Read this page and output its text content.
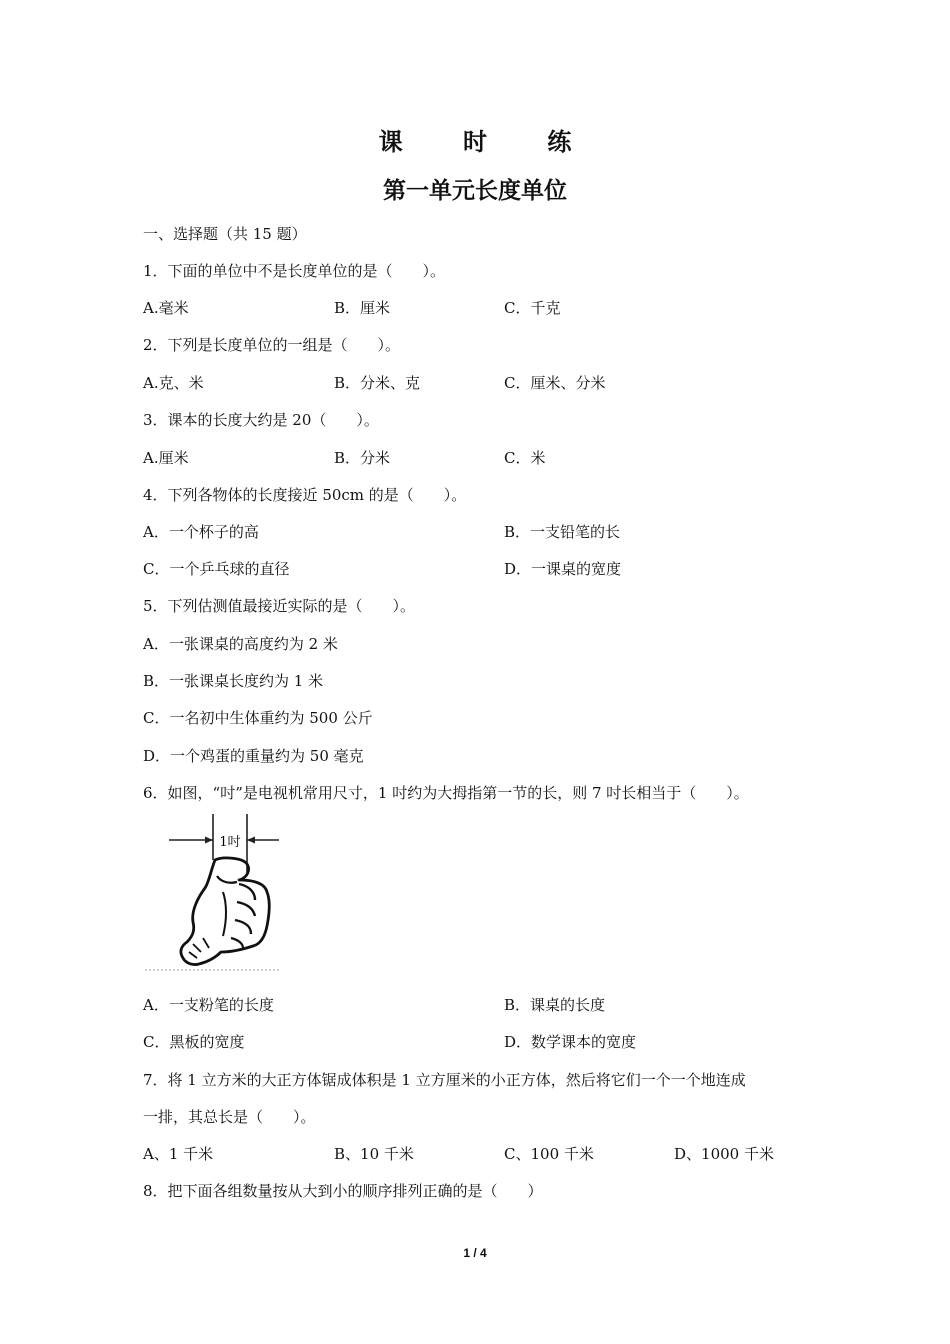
课 时 练
第一单元长度单位
一、选择题（共 15 题）
1．下面的单位中不是长度单位的是（　　）。
A.毫米	B．厘米	C．千克
2．下列是长度单位的一组是（　　）。
A.克、米	B．分米、克	C．厘米、分米
3．课本的长度大约是 20（　　）。
A.厘米	B．分米	C．米
4．下列各物体的长度接近 50cm 的是（　　）。
A．一个杯子的高	B．一支铅笔的长
C．一个乒乓球的直径	D．一课桌的宽度
5．下列估测值最接近实际的是（　　）。
A．一张课桌的高度约为 2 米
B．一张课桌长度约为 1 米
C．一名初中生体重约为 500 公斤
D．一个鸡蛋的重量约为 50 毫克
6．如图，“吋”是电视机常用尺寸，1 吋约为大拇指第一节的长，则 7 吋长相当于（　　）。
1吋
A．一支粉笔的长度	B．课桌的长度
C．黑板的宽度	D．数学课本的宽度
7．将 1 立方米的大正方体锯成体积是 1 立方厘米的小正方体，然后将它们一个一个地连成
一排，其总长是（　　）。
A、1 千米	B、10 千米	C、100 千米	D、1000 千米
8．把下面各组数量按从大到小的顺序排列正确的是（　　）
1 / 4
